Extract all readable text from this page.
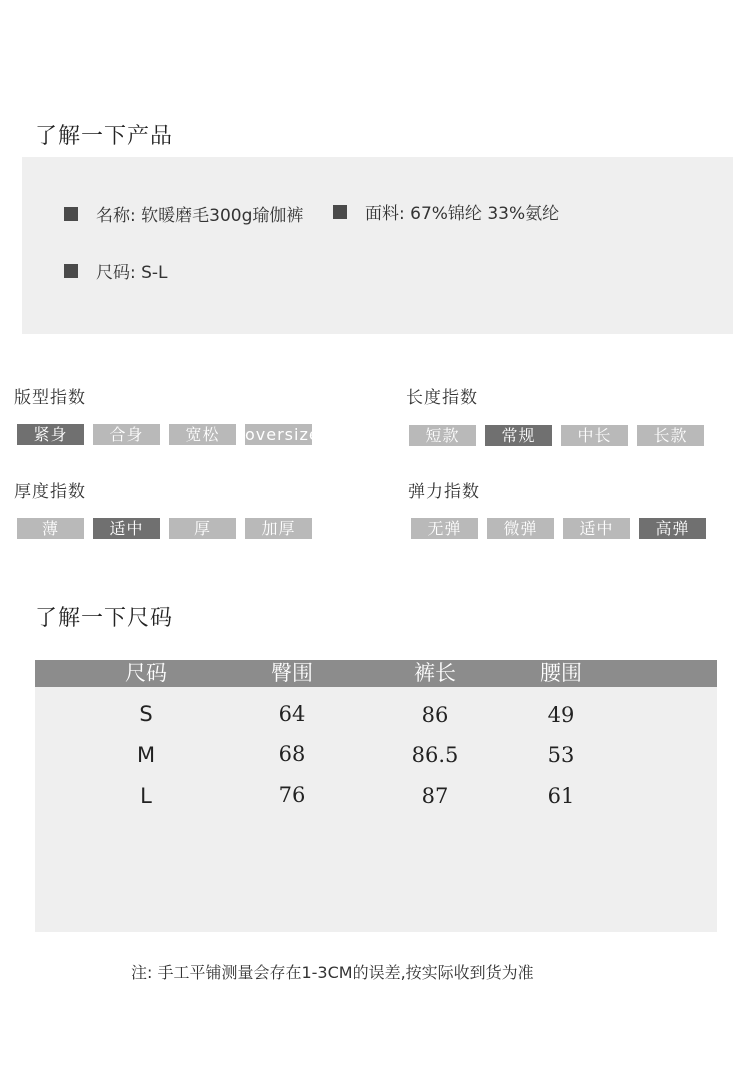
了解一下产品
名称: 软暖磨毛300g瑜伽裤	面料: 67%锦纶 33%氨纶
尺码: S-L
版型指数
紧身	合身	宽松	oversize
长度指数
短款	常规	中长	长款
厚度指数
薄	适中	厚	加厚
弹力指数
无弹	微弹	适中	高弹
了解一下尺码
尺码	臀围	裤长	腰围
S	64	86	49
M	68	86.5	53
L	76	87	61
注: 手工平铺测量会存在1-3CM的误差,按实际收到货为准
